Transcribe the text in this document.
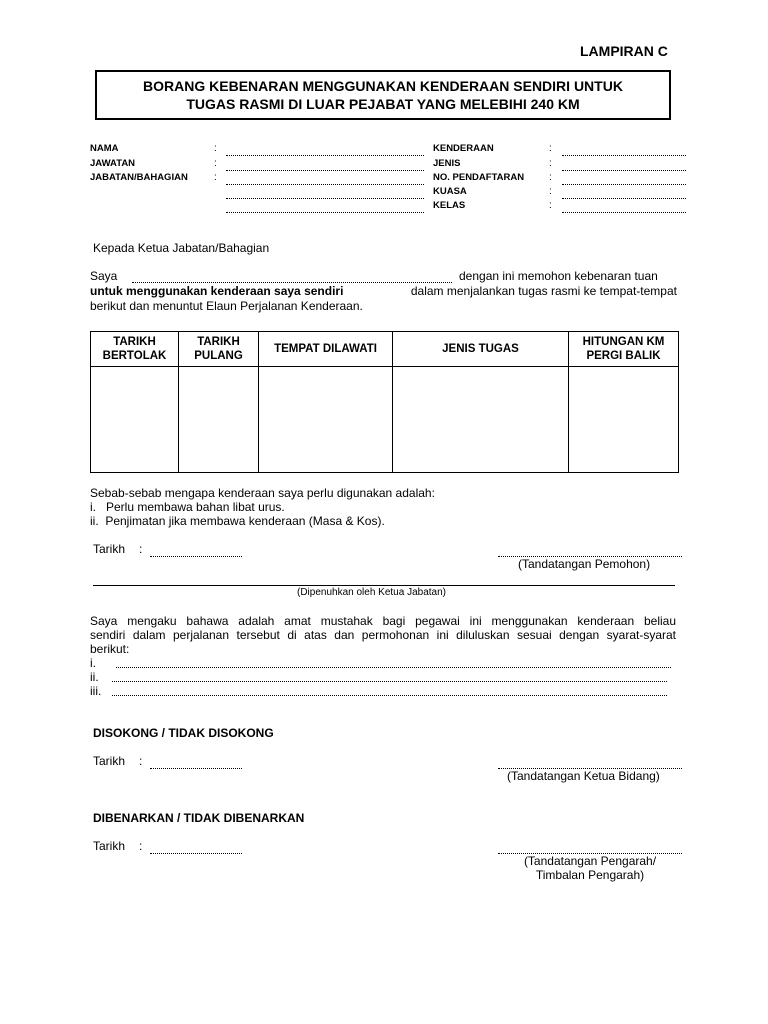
LAMPIRAN C
BORANG KEBENARAN MENGGUNAKAN KENDERAAN SENDIRI UNTUK
TUGAS RASMI DI LUAR PEJABAT YANG MELEBIHI 240 KM
NAMA	:
JAWATAN	:
JABATAN/BAHAGIAN	:
KENDERAAN	:
JENIS	:
NO. PENDAFTARAN :
KUASA	:
KELAS	:
Kepada Ketua Jabatan/Bahagian
Saya	dengan ini memohon kebenaran tuan
untuk menggunakan kenderaan saya sendiri	dalam menjalankan tugas rasmi ke tempat-tempat
berikut dan menuntut Elaun Perjalanan Kenderaan.
TARIKH BERTOLAK	TARIKH PULANG	TEMPAT DILAWATI	JENIS TUGAS	HITUNGAN KM PERGI BALIK

Sebab-sebab mengapa kenderaan saya perlu digunakan adalah:
i.   Perlu membawa bahan libat urus.
ii.  Penjimatan jika membawa kenderaan (Masa & Kos).
Tarikh :
(Tandatangan Pemohon)
(Dipenuhkan oleh Ketua Jabatan)
Saya mengaku bahawa adalah amat mustahak bagi pegawai ini menggunakan kenderaan beliau
sendiri dalam perjalanan tersebut di atas dan permohonan ini diluluskan sesuai dengan syarat-syarat
berikut:
i.
ii.
iii.
DISOKONG / TIDAK DISOKONG
Tarikh :
(Tandatangan Ketua Bidang)
DIBENARKAN / TIDAK DIBENARKAN
Tarikh :
(Tandatangan Pengarah/
Timbalan Pengarah)
